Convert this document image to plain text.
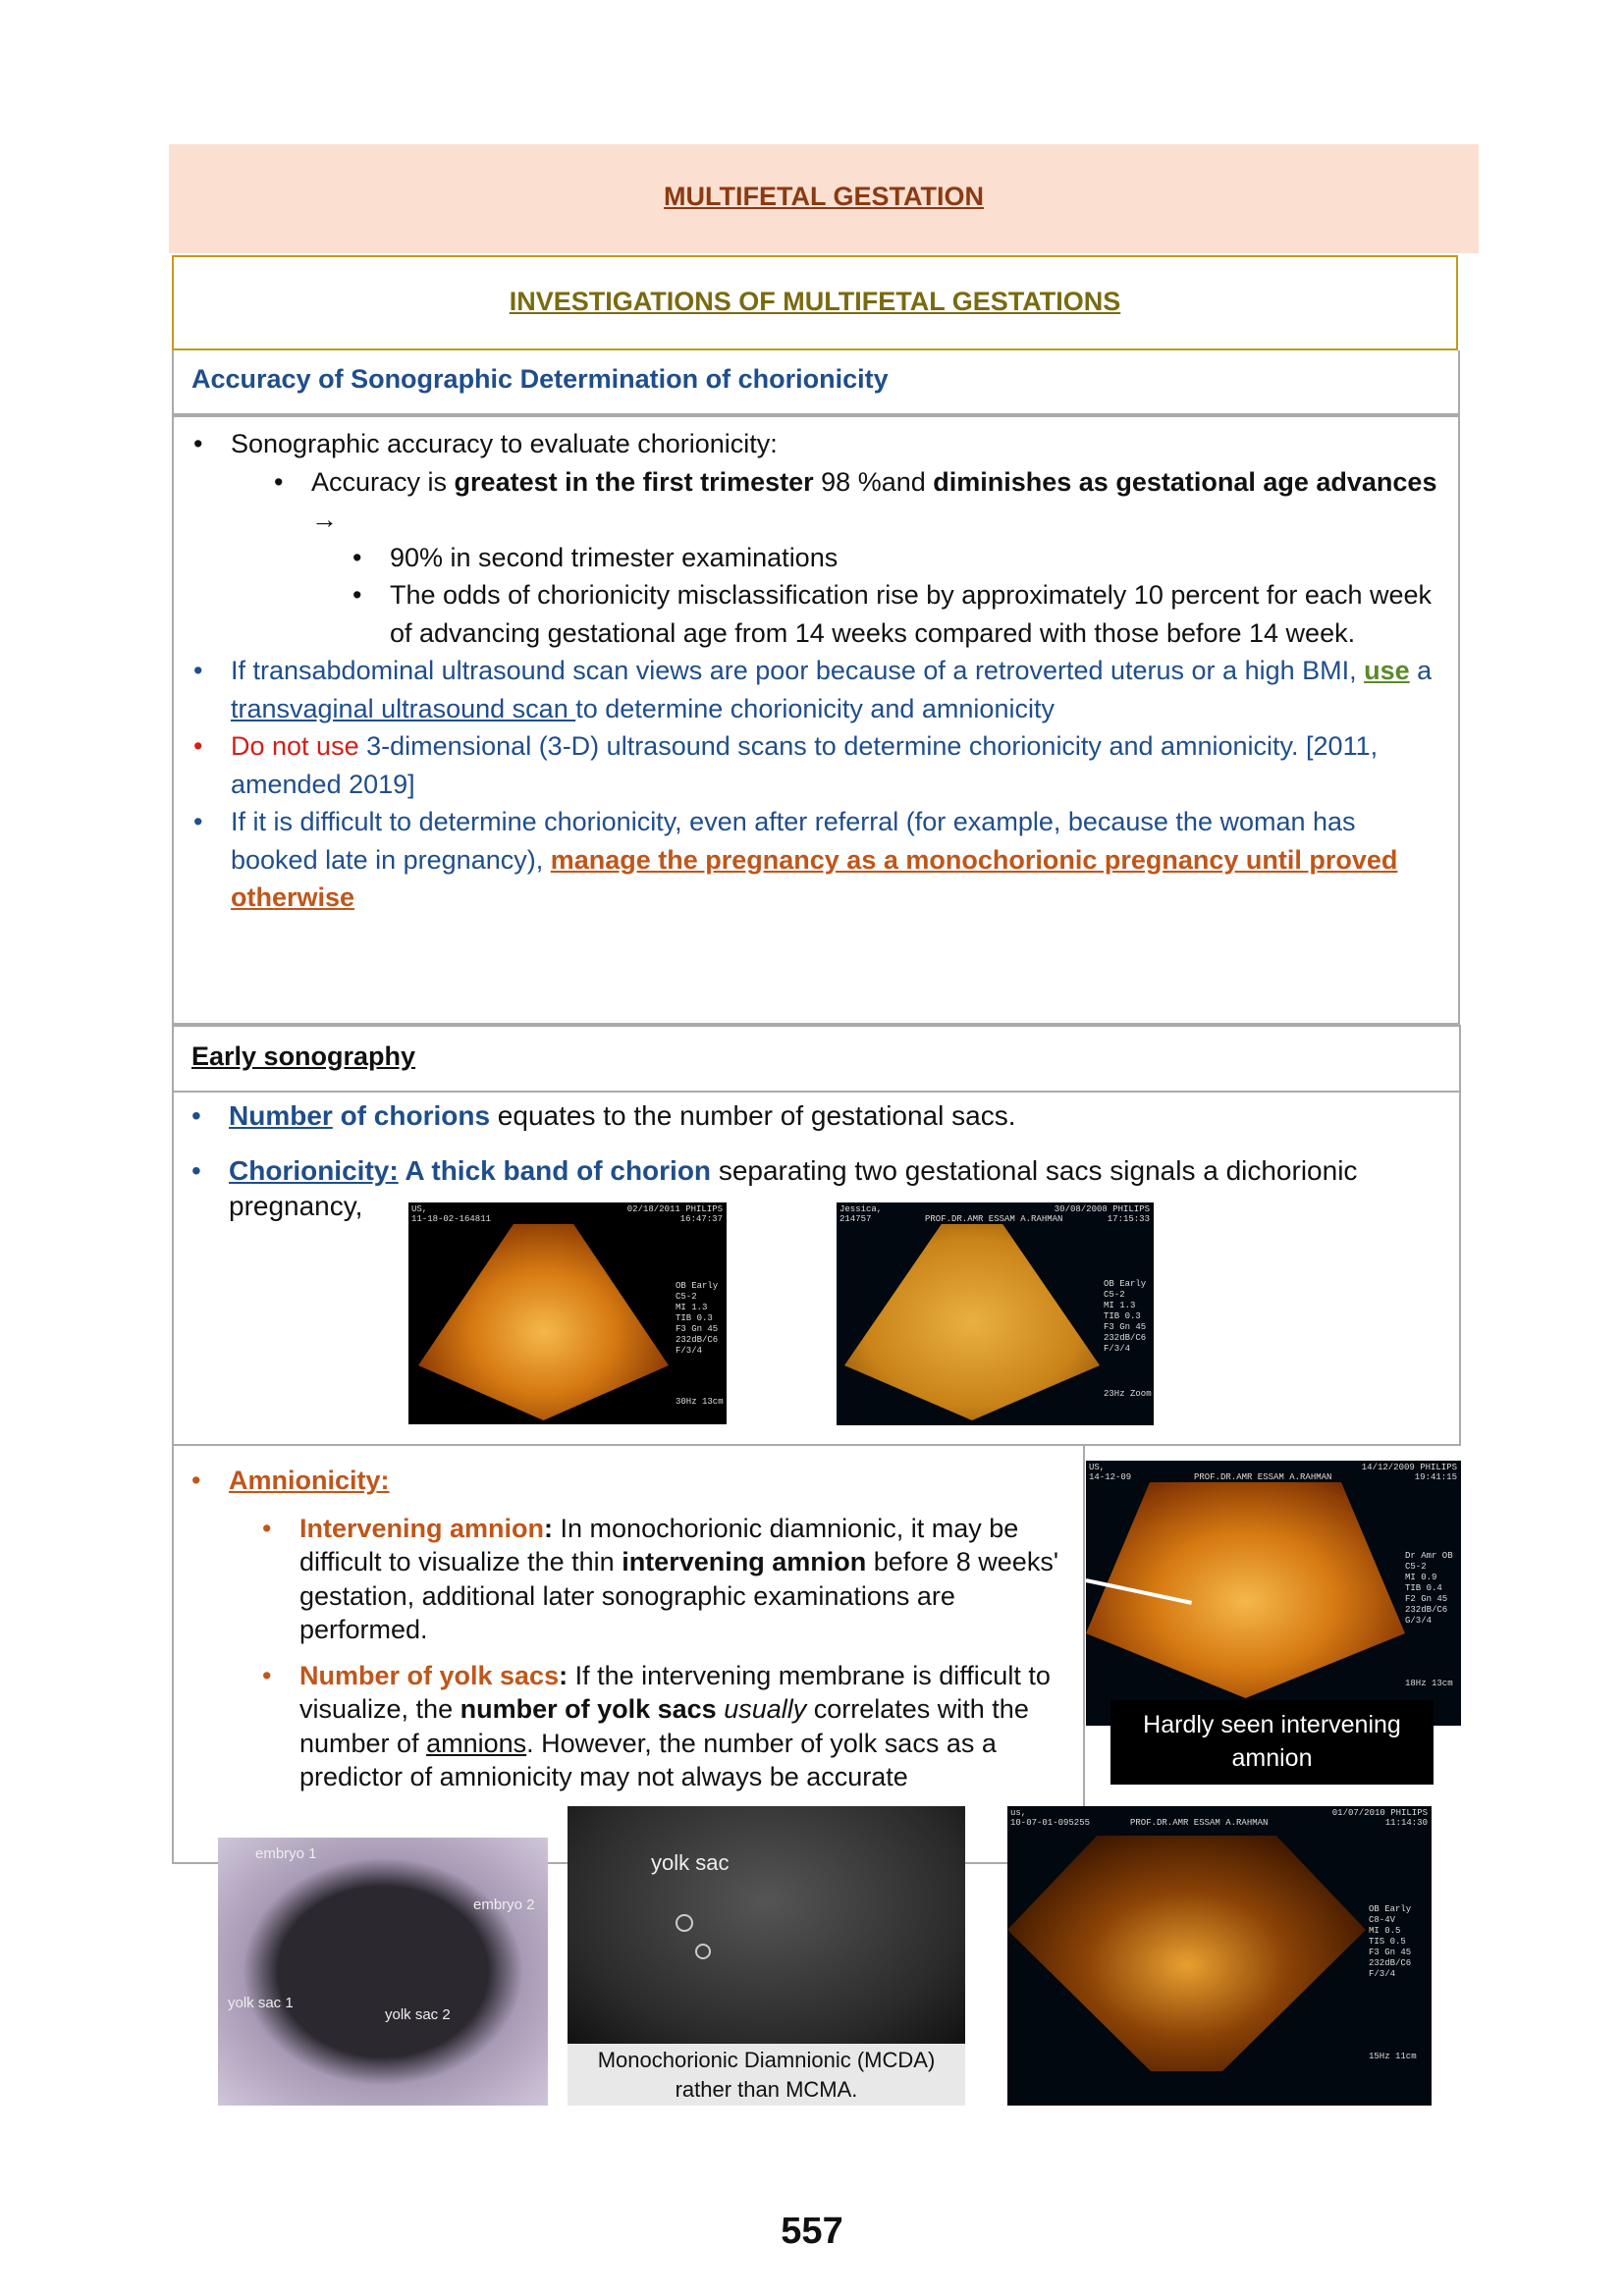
MULTIFETAL GESTATION
INVESTIGATIONS OF MULTIFETAL GESTATIONS
Accuracy of Sonographic Determination of chorionicity
• Sonographic accuracy to evaluate chorionicity:
• Accuracy is greatest in the first trimester 98 %and diminishes as gestational age advances →
• 90% in second trimester examinations
• The odds of chorionicity misclassification rise by approximately 10 percent for each week of advancing gestational age from 14 weeks compared with those before 14 week.
• If transabdominal ultrasound scan views are poor because of a retroverted uterus or a high BMI, use a transvaginal ultrasound scan to determine chorionicity and amnionicity
• Do not use 3-dimensional (3-D) ultrasound scans to determine chorionicity and amnionicity. [2011, amended 2019]
• If it is difficult to determine chorionicity, even after referral (for example, because the woman has booked late in pregnancy), manage the pregnancy as a monochorionic pregnancy until proved otherwise
Early sonography
• Number of chorions equates to the number of gestational sacs.
• Chorionicity: A thick band of chorion separating two gestational sacs signals a dichorionic pregnancy,	US,
11-18-02-164811
02/18/2011 PHILIPS
16:47:37
OB Early
C5-2
MI 1.3
TIB 0.3
F3 Gn 45
232dB/C6
F/3/4
30Hz 13cm
Jessica,
214757	PROF.DR.AMR ESSAM A.RAHMAN
30/08/2008 PHILIPS
17:15:33
OB Early
C5-2
MI 1.3
TIB 0.3
F3 Gn 45
232dB/C6
F/3/4
23Hz Zoom
• Amnionicity:
• Intervening amnion: In monochorionic diamnionic, it may be difficult to visualize the thin intervening amnion before 8 weeks' gestation, additional later sonographic examinations are performed.
• Number of yolk sacs: If the intervening membrane is difficult to visualize, the number of yolk sacs usually correlates with the number of amnions. However, the number of yolk sacs as a predictor of amnionicity may not always be accurate
US,
14-12-09	PROF.DR.AMR ESSAM A.RAHMAN
14/12/2009 PHILIPS
19:41:15
Dr Amr OB
C5-2
MI 0.9
TIB 0.4
F2 Gn 45
232dB/C6
G/3/4
18Hz 13cm
Hardly seen intervening amnion
embryo 1
embryo 2
yolk sac 1
yolk sac 2
yolk sac
Monochorionic Diamnionic (MCDA) rather than MCMA.
us,
10-07-01-095255	PROF.DR.AMR ESSAM A.RAHMAN
01/07/2010 PHILIPS
11:14:30
OB Early
C8-4V
MI 0.5
TIS 0.5
F3 Gn 45
232dB/C6
F/3/4
15Hz 11cm
557
